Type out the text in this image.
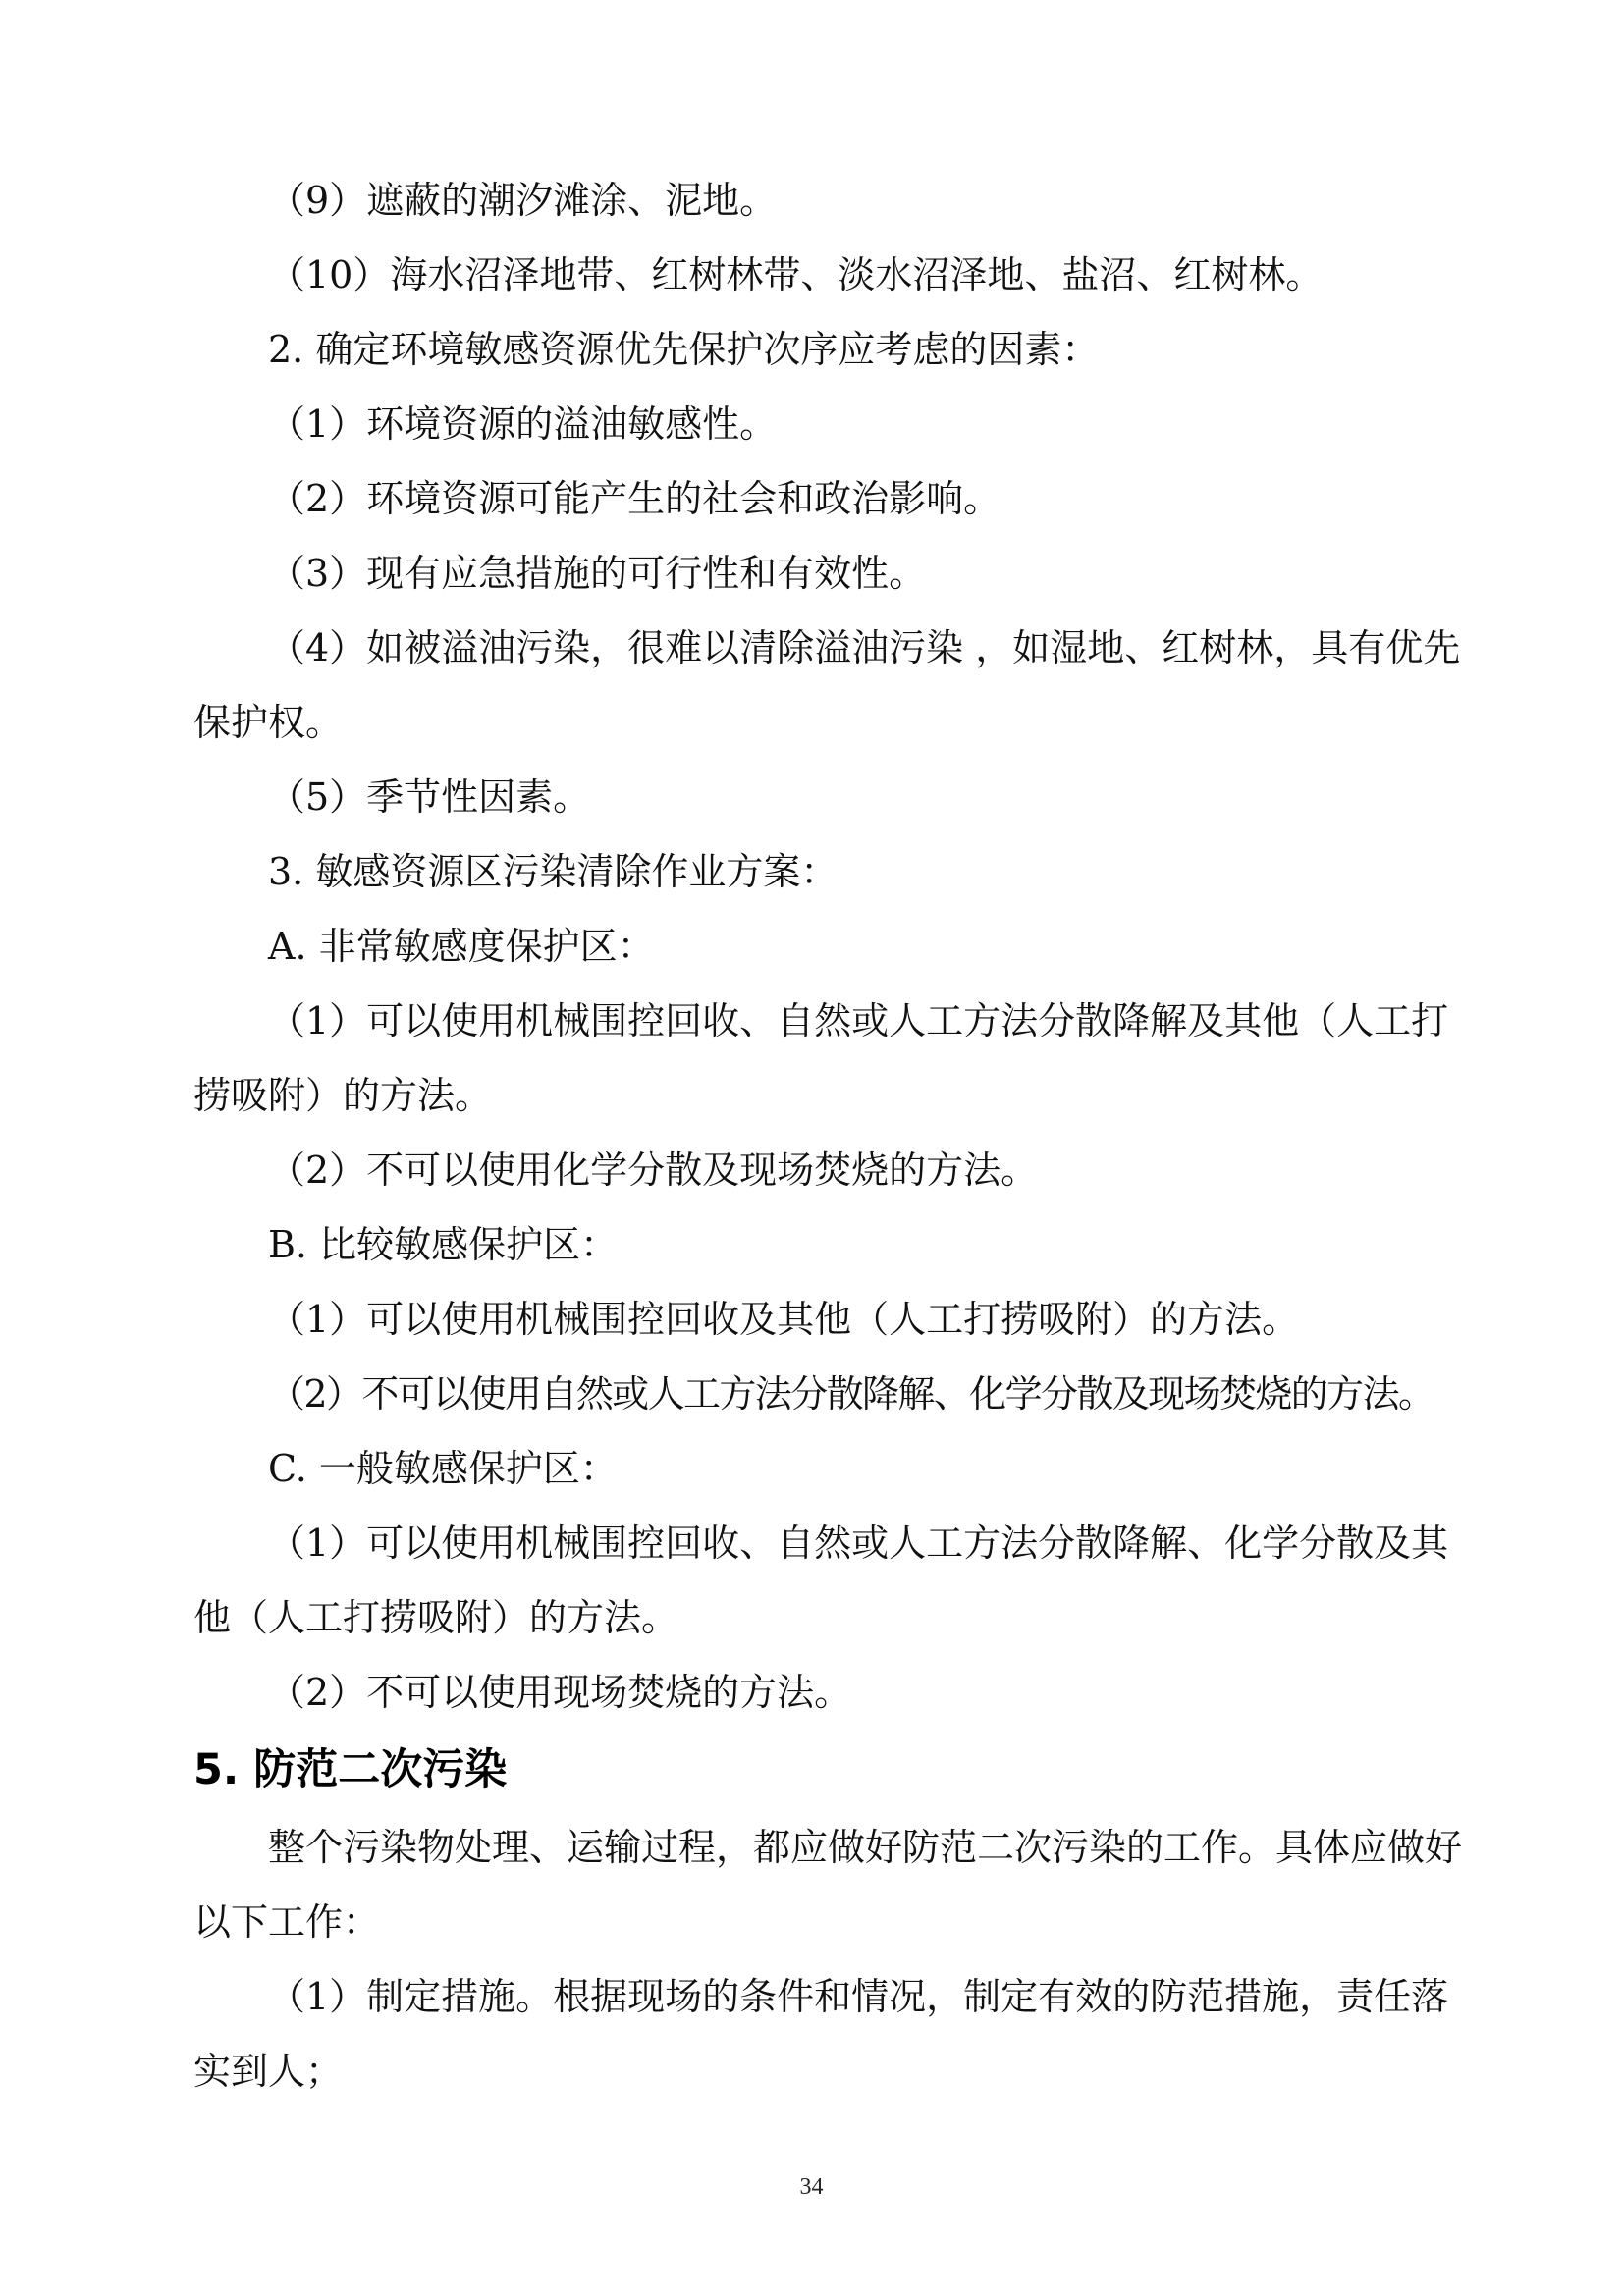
（9）遮蔽的潮汐滩涂、泥地。

（10）海水沼泽地带、红树林带、淡水沼泽地、盐沼、红树林。

2. 确定环境敏感资源优先保护次序应考虑的因素：

（1）环境资源的溢油敏感性。

（2）环境资源可能产生的社会和政治影响。

（3）现有应急措施的可行性和有效性。

（4）如被溢油污染，很难以清除溢油污染 ，如湿地、红树林，具有优先保护权。

（5）季节性因素。

3. 敏感资源区污染清除作业方案：

A. 非常敏感度保护区：

（1）可以使用机械围控回收、自然或人工方法分散降解及其他（人工打捞吸附）的方法。

（2）不可以使用化学分散及现场焚烧的方法。

B. 比较敏感保护区：

（1）可以使用机械围控回收及其他（人工打捞吸附）的方法。

（2）不可以使用自然或人工方法分散降解、化学分散及现场焚烧的方法。

C. 一般敏感保护区：

（1）可以使用机械围控回收、自然或人工方法分散降解、化学分散及其他（人工打捞吸附）的方法。

（2）不可以使用现场焚烧的方法。

5. 防范二次污染

整个污染物处理、运输过程，都应做好防范二次污染的工作。具体应做好以下工作：

（1）制定措施。根据现场的条件和情况，制定有效的防范措施，责任落实到人；

34
